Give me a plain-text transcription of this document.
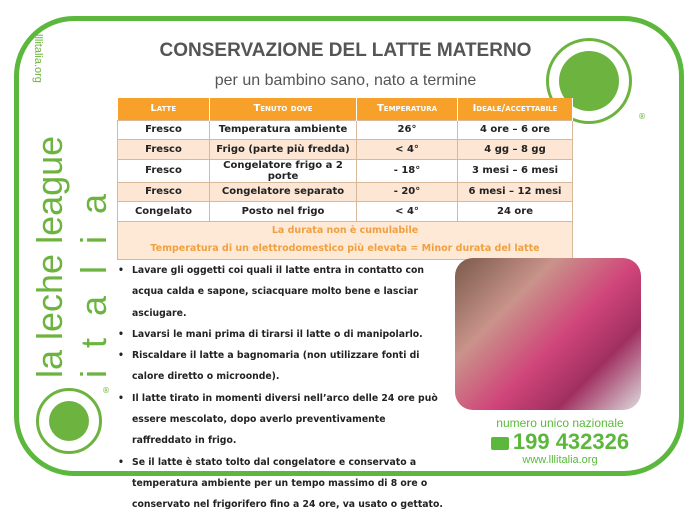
lllitalia.org
la leche league italia
®
CONSERVAZIONE DEL LATTE MATERNO
per un bambino sano, nato a termine
®
Latte	Tenuto dove	Temperatura	Ideale/accettabile
Fresco	Temperatura ambiente	26°	4 ore – 6 ore
Fresco	Frigo (parte più fredda)	< 4°	4 gg – 8 gg
Fresco	Congelatore frigo a 2 porte	- 18°	3 mesi – 6 mesi
Fresco	Congelatore separato	- 20°	6 mesi – 12 mesi
Congelato	Posto nel frigo	< 4°	24 ore

La durata non è cumulabile
Temperatura di un elettrodomestico più elevata = Minor durata del latte			
• Lavare gli oggetti coi quali il latte entra in contatto con acqua calda e sapone, sciacquare molto bene e lasciar asciugare.
• Lavarsi le mani prima di tirarsi il latte o di manipolarlo.
• Riscaldare il latte a bagnomaria (non utilizzare fonti di calore diretto o microonde).
• Il latte tirato in momenti diversi nell’arco delle 24 ore può essere mescolato, dopo averlo preventivamente raffreddato in frigo.
• Se il latte è stato tolto dal congelatore e conservato a temperatura ambiente per un tempo massimo di 8 ore o conservato nel frigorifero fino a 24 ore, va usato o gettato.
numero unico nazionale
199 432326
www.lllitalia.org
